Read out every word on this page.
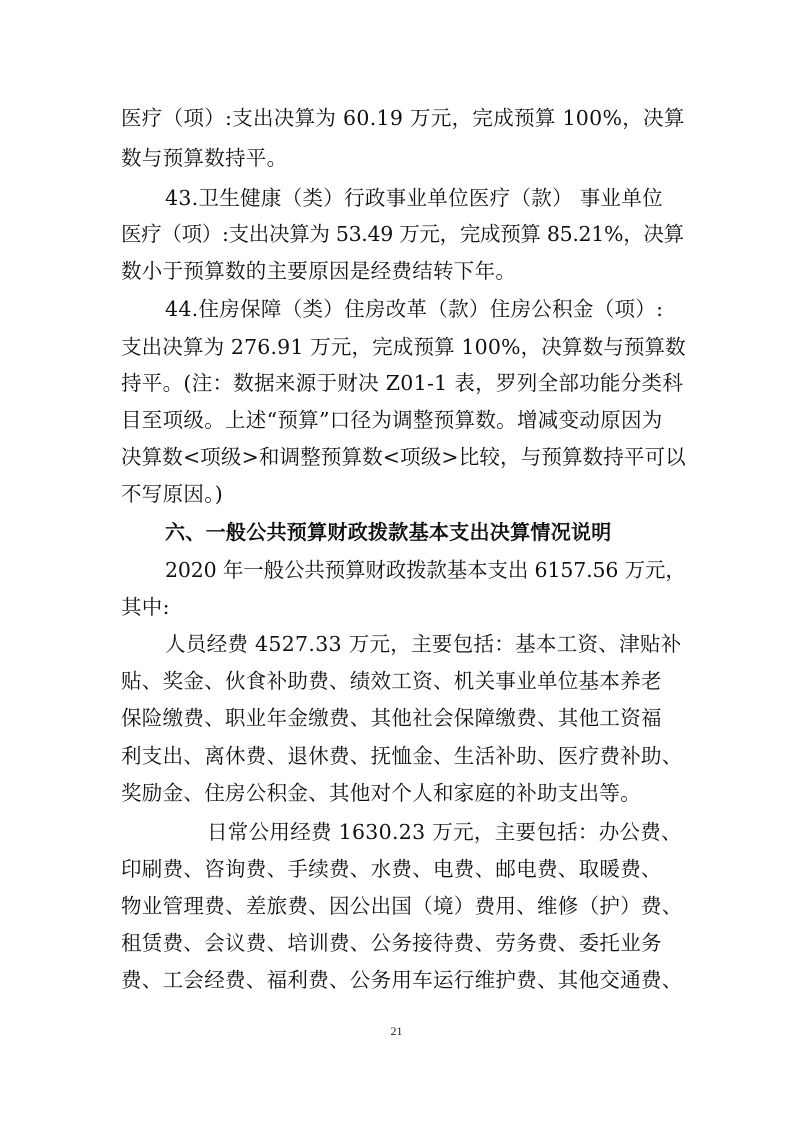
医疗（项）:支出决算为 60.19 万元，完成预算 100%，决算
数与预算数持平。
43.卫生健康（类）行政事业单位医疗（款） 事业单位
医疗（项）:支出决算为 53.49 万元，完成预算 85.21%，决算
数小于预算数的主要原因是经费结转下年。
44.住房保障（类）住房改革（款）住房公积金（项）:
支出决算为 276.91 万元，完成预算 100%，决算数与预算数
持平。(注：数据来源于财决 Z01-1 表，罗列全部功能分类科
目至项级。上述“预算”口径为调整预算数。增减变动原因为
决算数<项级>和调整预算数<项级>比较，与预算数持平可以
不写原因。)
六、一般公共预算财政拨款基本支出决算情况说明
2020 年一般公共预算财政拨款基本支出 6157.56 万元，
其中:
人员经费 4527.33 万元，主要包括：基本工资、津贴补
贴、奖金、伙食补助费、绩效工资、机关事业单位基本养老
保险缴费、职业年金缴费、其他社会保障缴费、其他工资福
利支出、离休费、退休费、抚恤金、生活补助、医疗费补助、
奖励金、住房公积金、其他对个人和家庭的补助支出等。
日常公用经费 1630.23 万元，主要包括：办公费、
印刷费、咨询费、手续费、水费、电费、邮电费、取暖费、
物业管理费、差旅费、因公出国（境）费用、维修（护）费、
租赁费、会议费、培训费、公务接待费、劳务费、委托业务
费、工会经费、福利费、公务用车运行维护费、其他交通费、
21
